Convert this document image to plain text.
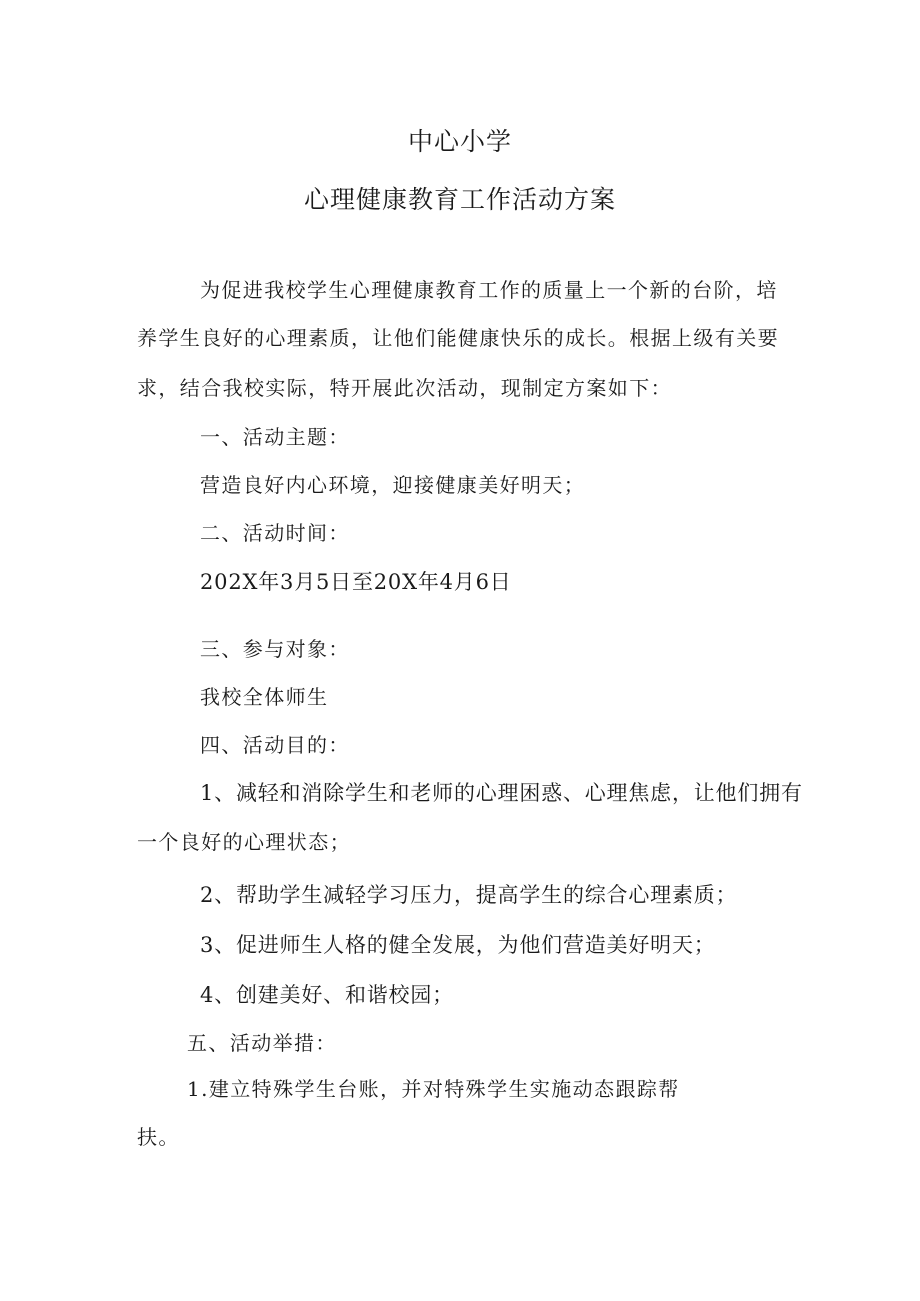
中心小学
心理健康教育工作活动方案
为促进我校学生心理健康教育工作的质量上一个新的台阶，培
养学生良好的心理素质，让他们能健康快乐的成长。根据上级有关要
求，结合我校实际，特开展此次活动，现制定方案如下：
一、活动主题：
营造良好内心环境，迎接健康美好明天；
二、活动时间：
202X年3月5日至20X年4月6日
三、参与对象：
我校全体师生
四、活动目的：
1、减轻和消除学生和老师的心理困惑、心理焦虑，让他们拥有
一个良好的心理状态；
2、帮助学生减轻学习压力，提高学生的综合心理素质；
3、促进师生人格的健全发展，为他们营造美好明天；
4、创建美好、和谐校园；
五、活动举措：
1.建立特殊学生台账，并对特殊学生实施动态跟踪帮
扶。
